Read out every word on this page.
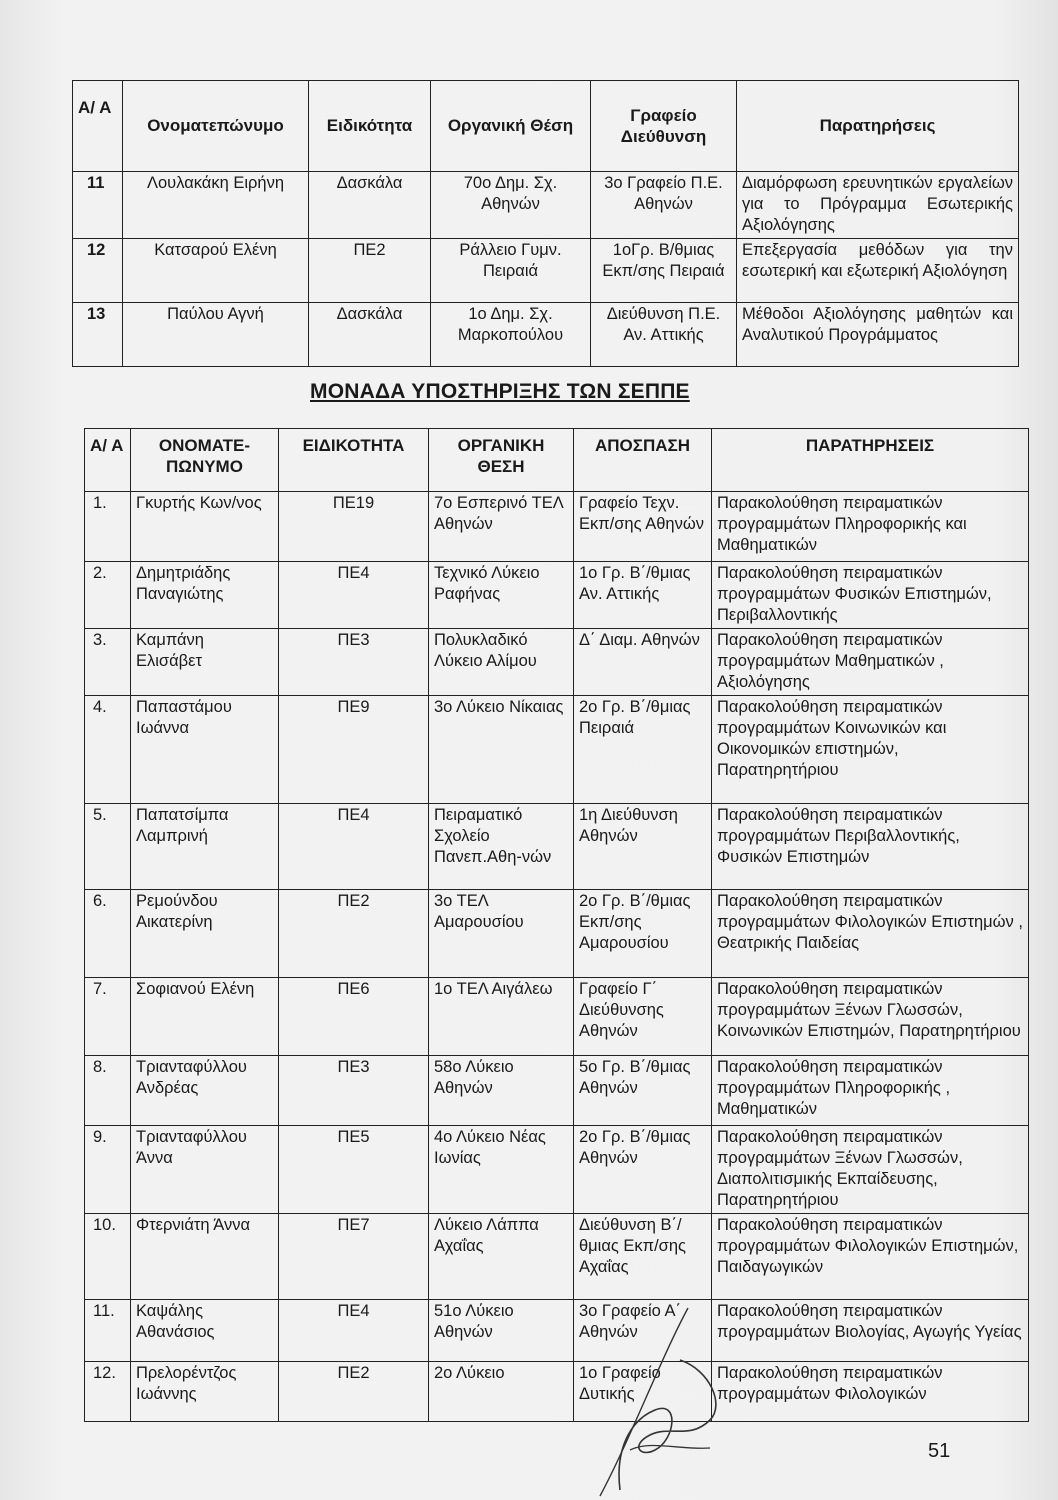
Α/ Α	Ονοματεπώνυμο	Ειδικότητα	Οργανική Θέση	Γραφείο Διεύθυνση	Παρατηρήσεις
11	Λουλακάκη Ειρήνη	Δασκάλα	70ο Δημ. Σχ. Αθηνών	3ο Γραφείο Π.Ε. Αθηνών	Διαμόρφωση ερευνητικών εργαλείων για το Πρόγραμμα Εσωτερικής Αξιολόγησης
12	Κατσαρού Ελένη	ΠΕ2	Ράλλειο Γυμν. Πειραιά	1οΓρ. Β/θμιας Εκπ/σης Πειραιά	Επεξεργασία μεθόδων για την εσωτερική και εξωτερική Αξιολόγηση
13	Παύλου Αγνή	Δασκάλα	1ο Δημ. Σχ. Μαρκοπούλου	Διεύθυνση Π.Ε. Αν. Αττικής	Μέθοδοι Αξιολόγησης μαθητών και Αναλυτικού Προγράμματος
ΜΟΝΑΔΑ ΥΠΟΣΤΗΡΙΞΗΣ ΤΩΝ ΣΕΠΠΕ
Α/ Α	ΟΝΟΜΑΤΕ- ΠΩΝΥΜΟ	ΕΙΔΙΚΟΤΗΤΑ	ΟΡΓΑΝΙΚΗ ΘΕΣΗ	ΑΠΟΣΠΑΣΗ	ΠΑΡΑΤΗΡΗΣΕΙΣ
1.	Γκυρτής Κων/νος	ΠΕ19	7ο Εσπερινό ΤΕΛ Αθηνών	Γραφείο Τεχν. Εκπ/σης Αθηνών	Παρακολούθηση πειραματικών προγραμμάτων Πληροφορικής και Μαθηματικών
2.	Δημητριάδης Παναγιώτης	ΠΕ4	Τεχνικό Λύκειο Ραφήνας	1ο Γρ. Β΄/θμιας Αν. Αττικής	Παρακολούθηση πειραματικών προγραμμάτων Φυσικών Επιστημών, Περιβαλλοντικής
3.	Καμπάνη Ελισάβετ	ΠΕ3	Πολυκλαδικό Λύκειο Αλίμου	Δ΄ Διαμ. Αθηνών	Παρακολούθηση πειραματικών προγραμμάτων Μαθηματικών , Αξιολόγησης
4.	Παπαστάμου Ιωάννα	ΠΕ9	3ο Λύκειο Νίκαιας	2ο Γρ. Β΄/θμιας Πειραιά	Παρακολούθηση πειραματικών προγραμμάτων Κοινωνικών και Οικονομικών επιστημών, Παρατηρητήριου
5.	Παπατσίμπα Λαμπρινή	ΠΕ4	Πειραματικό Σχολείο Πανεπ.Αθη-νών	1η Διεύθυνση Αθηνών	Παρακολούθηση πειραματικών προγραμμάτων Περιβαλλοντικής, Φυσικών Επιστημών
6.	Ρεμούνδου Αικατερίνη	ΠΕ2	3ο ΤΕΛ Αμαρουσίου	2ο Γρ. Β΄/θμιας Εκπ/σης Αμαρουσίου	Παρακολούθηση πειραματικών προγραμμάτων Φιλολογικών Επιστημών , Θεατρικής Παιδείας
7.	Σοφιανού Ελένη	ΠΕ6	1ο ΤΕΛ Αιγάλεω	Γραφείο Γ΄ Διεύθυνσης Αθηνών	Παρακολούθηση πειραματικών προγραμμάτων Ξένων Γλωσσών, Κοινωνικών Επιστημών, Παρατηρητήριου
8.	Τριανταφύλλου Ανδρέας	ΠΕ3	58ο Λύκειο Αθηνών	5ο Γρ. Β΄/θμιας Αθηνών	Παρακολούθηση πειραματικών προγραμμάτων Πληροφορικής , Μαθηματικών
9.	Τριανταφύλλου Άννα	ΠΕ5	4ο Λύκειο Νέας Ιωνίας	2ο Γρ. Β΄/θμιας Αθηνών	Παρακολούθηση πειραματικών προγραμμάτων Ξένων Γλωσσών, Διαπολιτισμικής Εκπαίδευσης, Παρατηρητήριου
10.	Φτερνιάτη Άννα	ΠΕ7	Λύκειο Λάππα Αχαΐας	Διεύθυνση Β΄/θμιας Εκπ/σης Αχαΐας	Παρακολούθηση πειραματικών προγραμμάτων Φιλολογικών Επιστημών, Παιδαγωγικών
11.	Καψάλης Αθανάσιος	ΠΕ4	51ο Λύκειο Αθηνών	3ο Γραφείο Α΄ Αθηνών	Παρακολούθηση πειραματικών προγραμμάτων Βιολογίας, Αγωγής Υγείας
12.	Πρελορέντζος Ιωάννης	ΠΕ2	2ο Λύκειο	1ο Γραφείο Δυτικής	Παρακολούθηση πειραματικών προγραμμάτων Φιλολογικών
51
